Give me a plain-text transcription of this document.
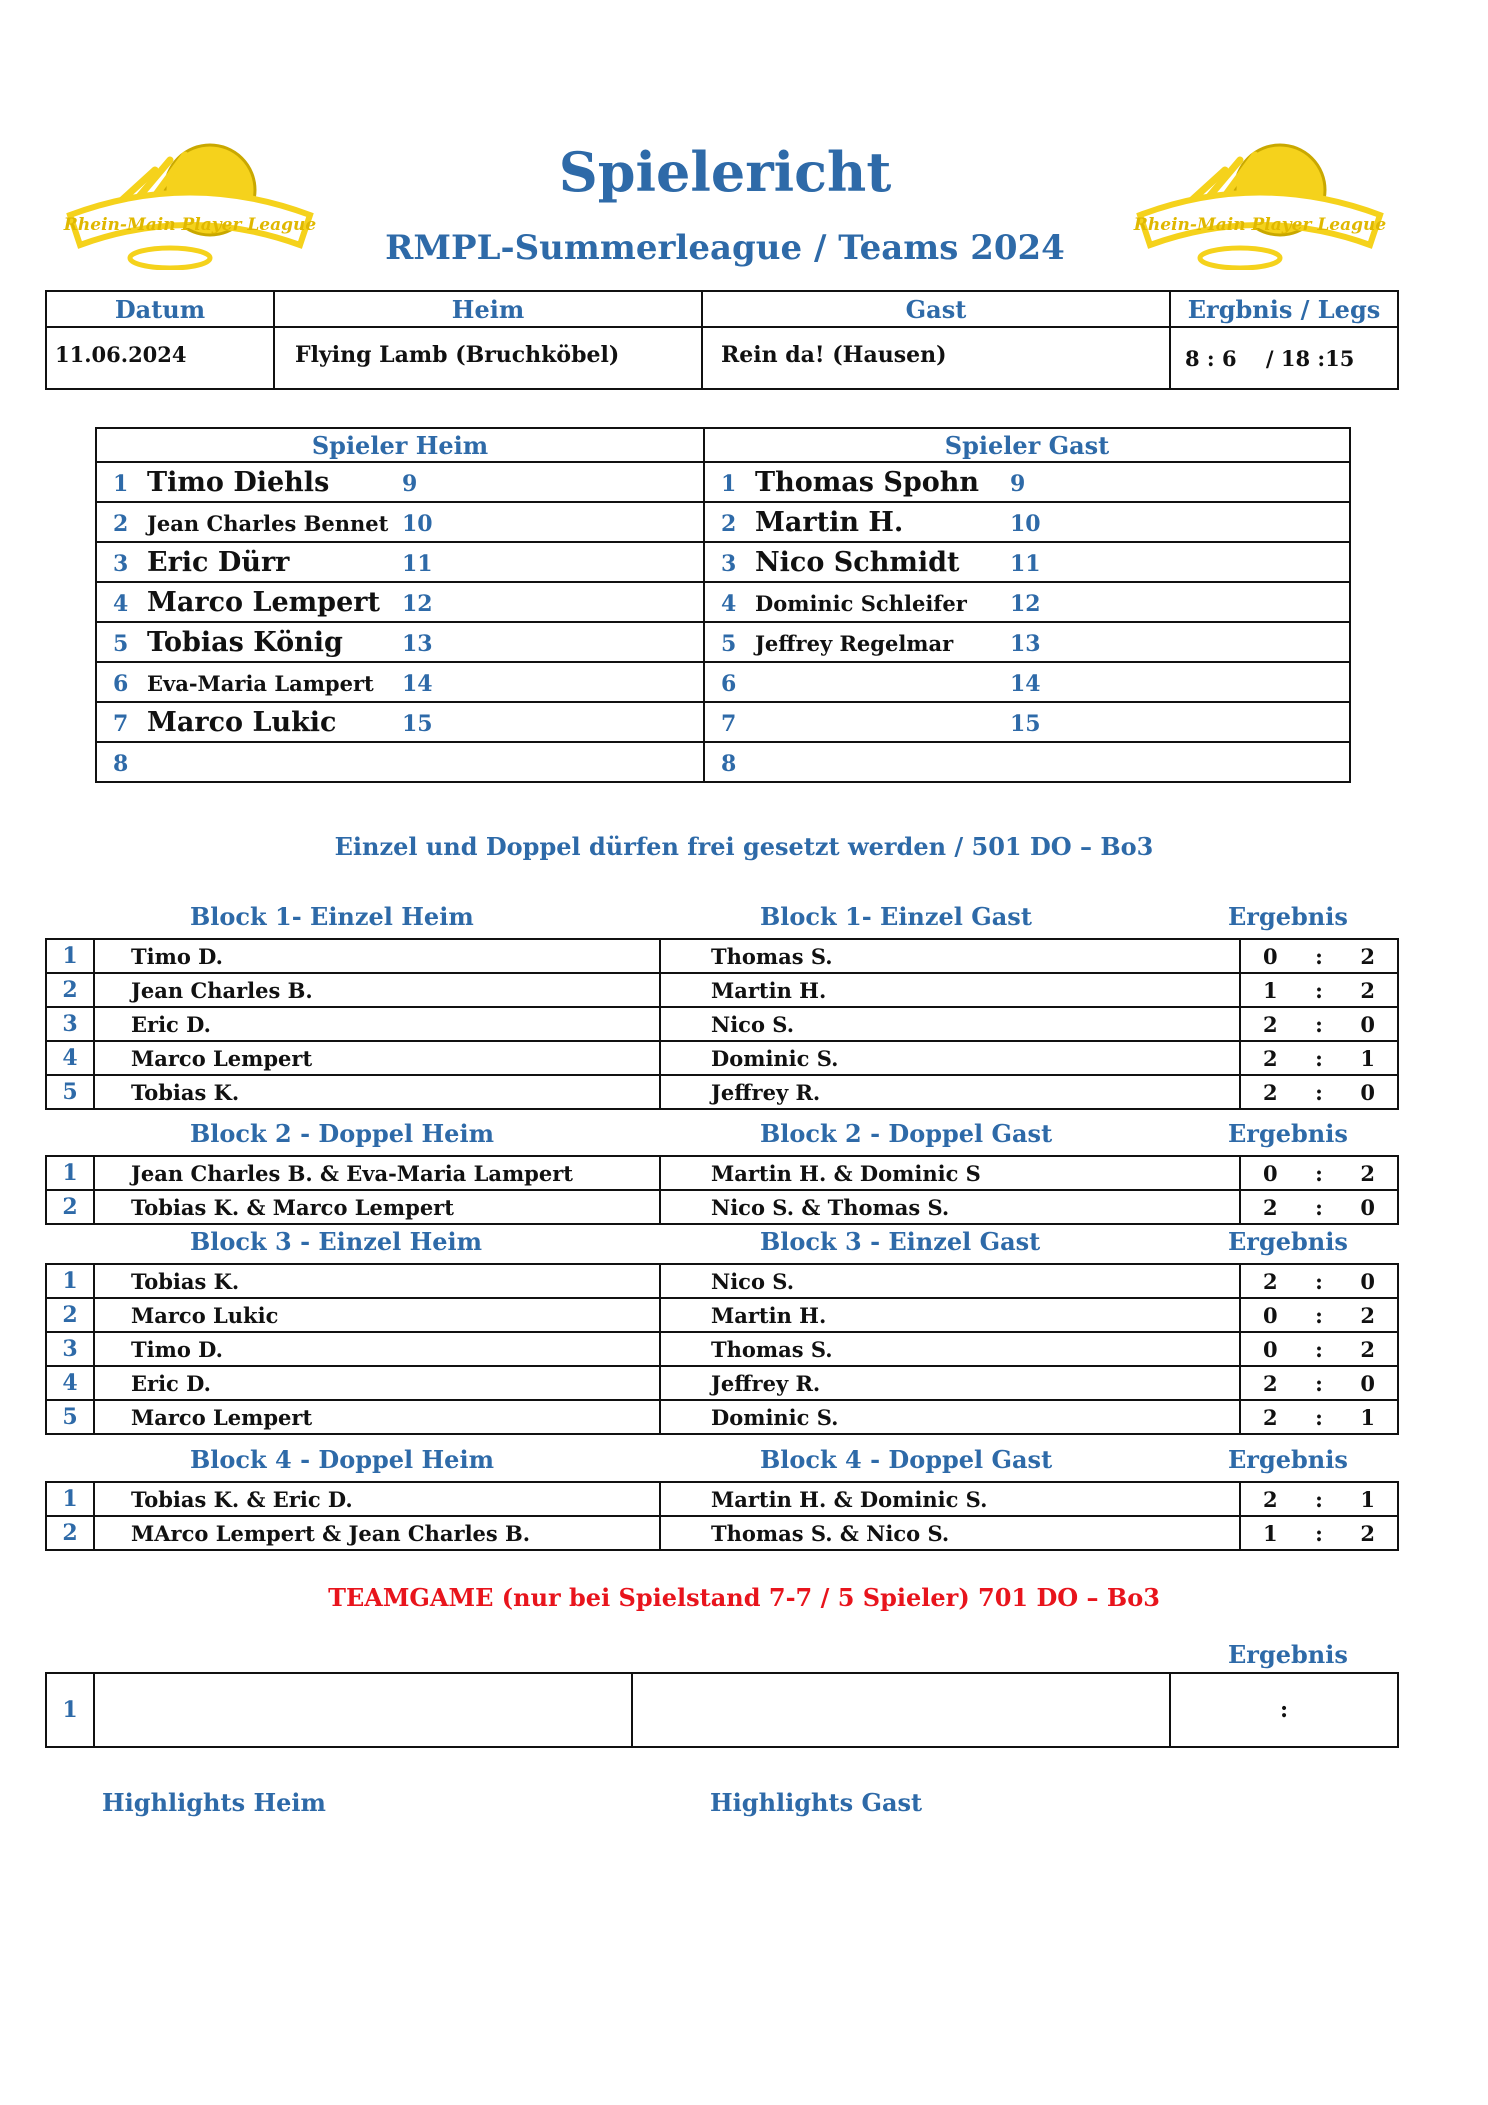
Rhein-Main Player League	Rhein-Main Player League
Spielericht
RMPL-Summerleague / Teams 2024
Datum	Heim	Gast	Ergbnis / Legs
11.06.2024	Flying Lamb (Bruchköbel)	Rein da! (Hausen)	8 : 6 / 18 :15
Spieler Heim	Spieler Gast

1 Timo Diehls 9	1 Thomas Spohn 9

2 Jean Charles Bennet 10	2 Martin H. 10

3 Eric Dürr 11	3 Nico Schmidt 11

4 Marco Lempert 12	4 Dominic Schleifer 12

5 Tobias König 13	5 Jeffrey Regelmar 13

6 Eva-Maria Lampert 14	6 14

7 Marco Lukic 15	7 15

8	8
Einzel und Doppel dürfen frei gesetzt werden / 501 DO – Bo3
Block 1- Einzel Heim	Block 1- Einzel Gast	Ergebnis
1	Timo D.	Thomas S.	0 : 2

2	Jean Charles B.	Martin H.	1 : 2

3	Eric D.	Nico S.	2 : 0

4	Marco Lempert	Dominic S.	2 : 1

5	Tobias K.	Jeffrey R.	2 : 0
Block 2 - Doppel Heim	Block 2 - Doppel Gast	Ergebnis
1	Jean Charles B. & Eva-Maria Lampert	Martin H. & Dominic S	0 : 2

2	Tobias K. & Marco Lempert	Nico S. & Thomas S.	2 : 0
Block 3 - Einzel Heim	Block 3 - Einzel Gast	Ergebnis
1	Tobias K.	Nico S.	2 : 0

2	Marco Lukic	Martin H.	0 : 2

3	Timo D.	Thomas S.	0 : 2

4	Eric D.	Jeffrey R.	2 : 0

5	Marco Lempert	Dominic S.	2 : 1
Block 4 - Doppel Heim	Block 4 - Doppel Gast	Ergebnis
1	Tobias K. & Eric D.	Martin H. & Dominic S.	2 : 1

2	MArco Lempert & Jean Charles B.	Thomas S. & Nico S.	1 : 2
TEAMGAME (nur bei Spielstand 7-7 / 5 Spieler) 701 DO – Bo3
Ergebnis
1			:
Highlights Heim	Highlights Gast
